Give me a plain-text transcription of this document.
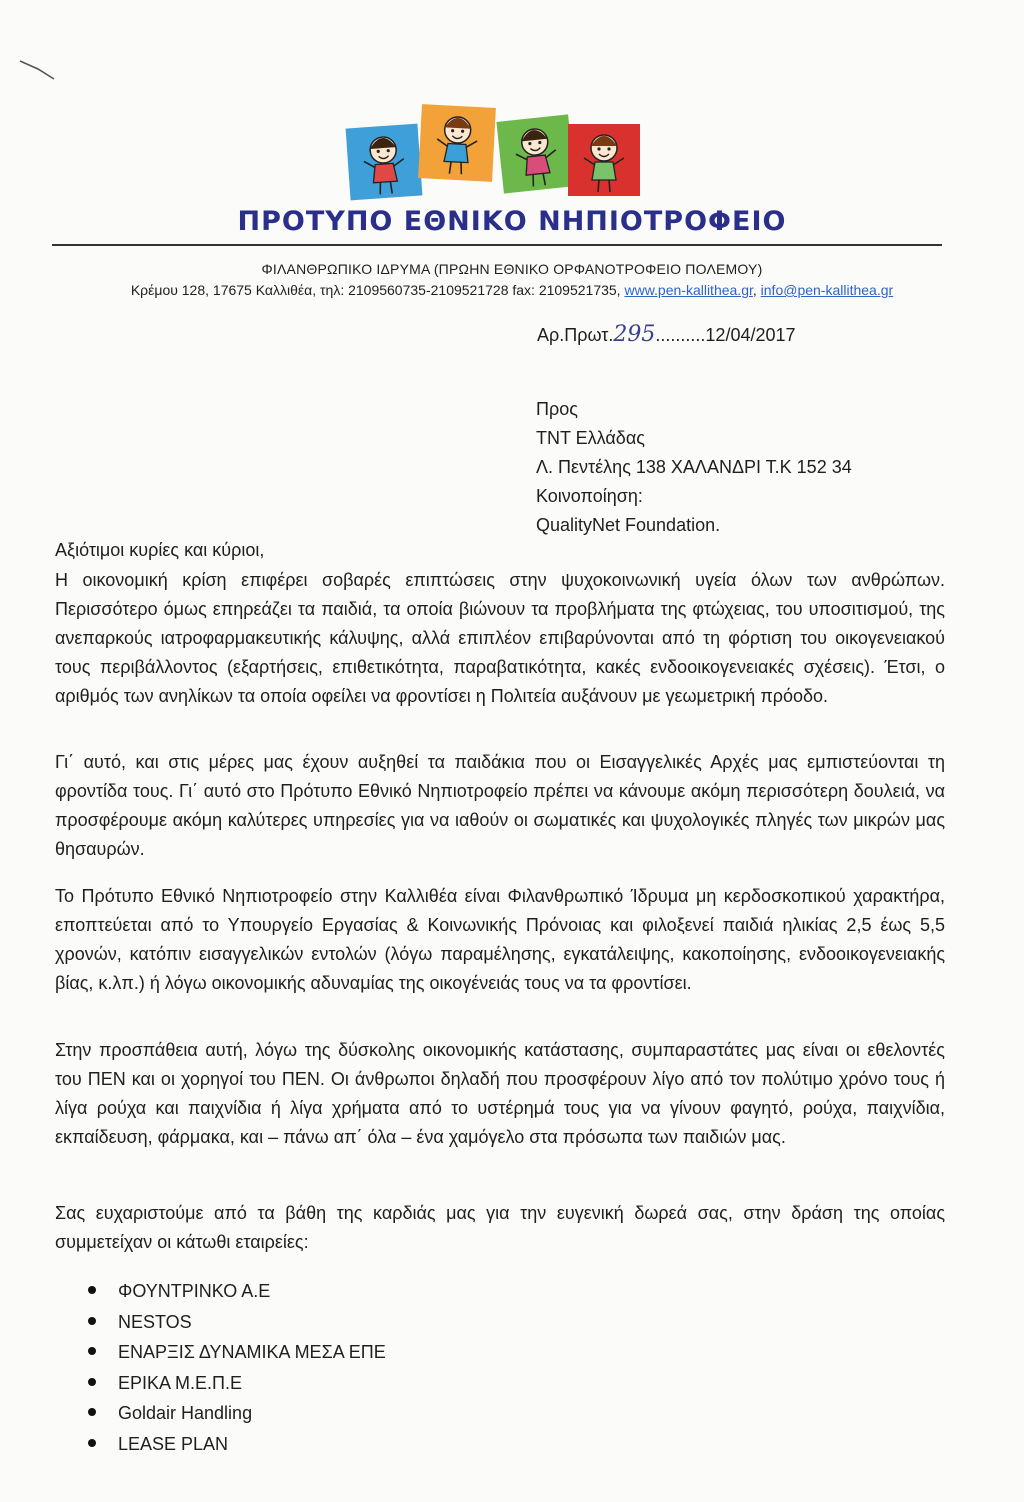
ΠΡΟΤΥΠΟ ΕΘΝΙΚΟ ΝΗΠΙΟΤΡΟΦΕΙΟ
ΦΙΛΑΝΘΡΩΠΙΚΟ ΙΔΡΥΜΑ (ΠΡΩΗΝ ΕΘΝΙΚΟ ΟΡΦΑΝΟΤΡΟΦΕΙΟ ΠΟΛΕΜΟΥ)
Κρέμου 128, 17675 Καλλιθέα, τηλ: 2109560735-2109521728 fax: 2109521735, www.pen-kallithea.gr, info@pen-kallithea.gr
Αρ.Πρωτ.295..........12/04/2017
Προς
TNT Ελλάδας
Λ. Πεντέλης 138 ΧΑΛΑΝΔΡΙ Τ.Κ 152 34
Κοινοποίηση:
QualityNet Foundation.
Αξιότιμοι κυρίες και κύριοι,
Η οικονομική κρίση επιφέρει σοβαρές επιπτώσεις στην ψυχοκοινωνική υγεία όλων των ανθρώπων. Περισσότερο όμως επηρεάζει τα παιδιά, τα οποία βιώνουν τα προβλήματα της φτώχειας, του υποσιτισμού, της ανεπαρκούς ιατροφαρμακευτικής κάλυψης, αλλά επιπλέον επιβαρύνονται από τη φόρτιση του οικογενειακού τους περιβάλλοντος (εξαρτήσεις, επιθετικότητα, παραβατικότητα, κακές ενδοοικογενειακές σχέσεις). Έτσι, ο αριθμός των ανηλίκων τα οποία οφείλει να φροντίσει η Πολιτεία αυξάνουν με γεωμετρική πρόοδο.
Γι΄ αυτό, και στις μέρες μας έχουν αυξηθεί τα παιδάκια που οι Εισαγγελικές Αρχές μας εμπιστεύονται τη φροντίδα τους. Γι΄ αυτό στο Πρότυπο Εθνικό Νηπιοτροφείο πρέπει να κάνουμε ακόμη περισσότερη δουλειά, να προσφέρουμε ακόμη καλύτερες υπηρεσίες για να ιαθούν οι σωματικές και ψυχολογικές πληγές των μικρών μας θησαυρών.
Το Πρότυπο Εθνικό Νηπιοτροφείο στην Καλλιθέα είναι Φιλανθρωπικό Ίδρυμα μη κερδοσκοπικού χαρακτήρα, εποπτεύεται από το Υπουργείο Εργασίας & Κοινωνικής Πρόνοιας και φιλοξενεί παιδιά ηλικίας 2,5 έως 5,5 χρονών, κατόπιν εισαγγελικών εντολών (λόγω παραμέλησης, εγκατάλειψης, κακοποίησης, ενδοοικογενειακής βίας, κ.λπ.) ή λόγω οικονομικής αδυναμίας της οικογένειάς τους να τα φροντίσει.
Στην προσπάθεια αυτή, λόγω της δύσκολης οικονομικής κατάστασης, συμπαραστάτες μας είναι οι εθελοντές του ΠΕΝ και οι χορηγοί του ΠΕΝ. Οι άνθρωποι δηλαδή που προσφέρουν λίγο από τον πολύτιμο χρόνο τους ή λίγα ρούχα και παιχνίδια ή λίγα χρήματα από το υστέρημά τους για να γίνουν φαγητό, ρούχα, παιχνίδια, εκπαίδευση, φάρμακα, και – πάνω απ΄ όλα – ένα χαμόγελο στα πρόσωπα των παιδιών μας.
Σας ευχαριστούμε από τα βάθη της καρδιάς μας για την ευγενική δωρεά σας, στην δράση της οποίας συμμετείχαν οι κάτωθι εταιρείες:
ΦΟΥΝΤΡΙΝΚΟ Α.Ε
NESTOS
ΕΝΑΡΞΙΣ ΔΥΝΑΜΙΚΑ ΜΕΣΑ ΕΠΕ
ΕΡΙΚΑ Μ.Ε.Π.Ε
Goldair Handling
LEASE PLAN
